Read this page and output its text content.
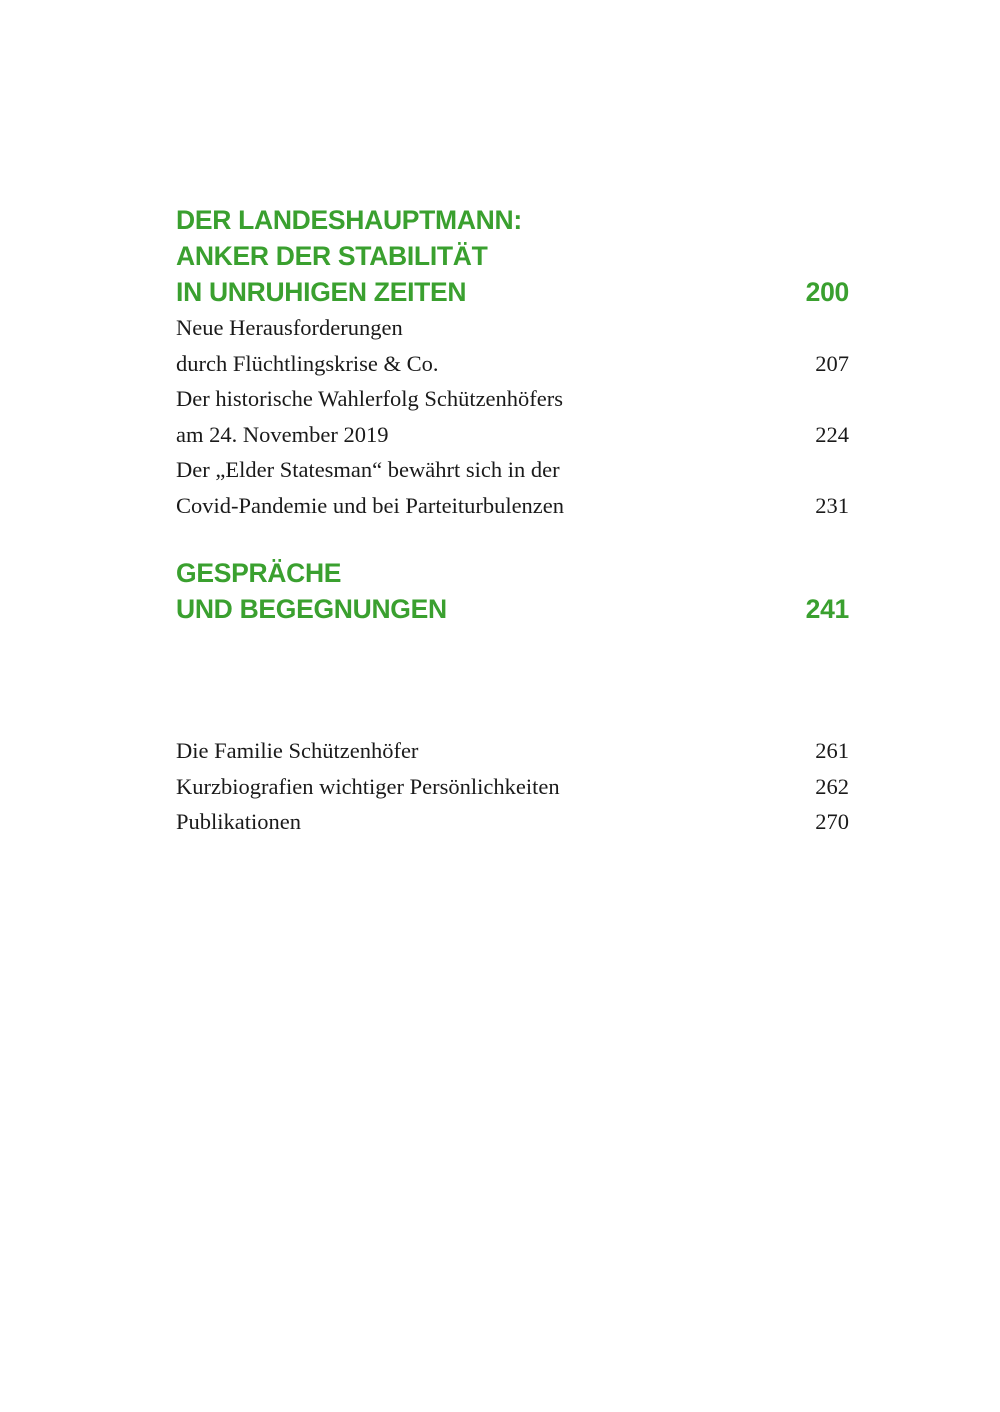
DER LANDESHAUPTMANN:
ANKER DER STABILITÄT
IN UNRUHIGEN ZEITEN	200
Neue Herausforderungen
durch Flüchtlingskrise & Co.	207
Der historische Wahlerfolg Schützenhöfers
am 24. November 2019	224
Der „Elder Statesman“ bewährt sich in der
Covid-Pandemie und bei Parteiturbulenzen	231
GESPRÄCHE
UND BEGEGNUNGEN	241
Die Familie Schützenhöfer	261
Kurzbiografien wichtiger Persönlichkeiten	262
Publikationen	270
